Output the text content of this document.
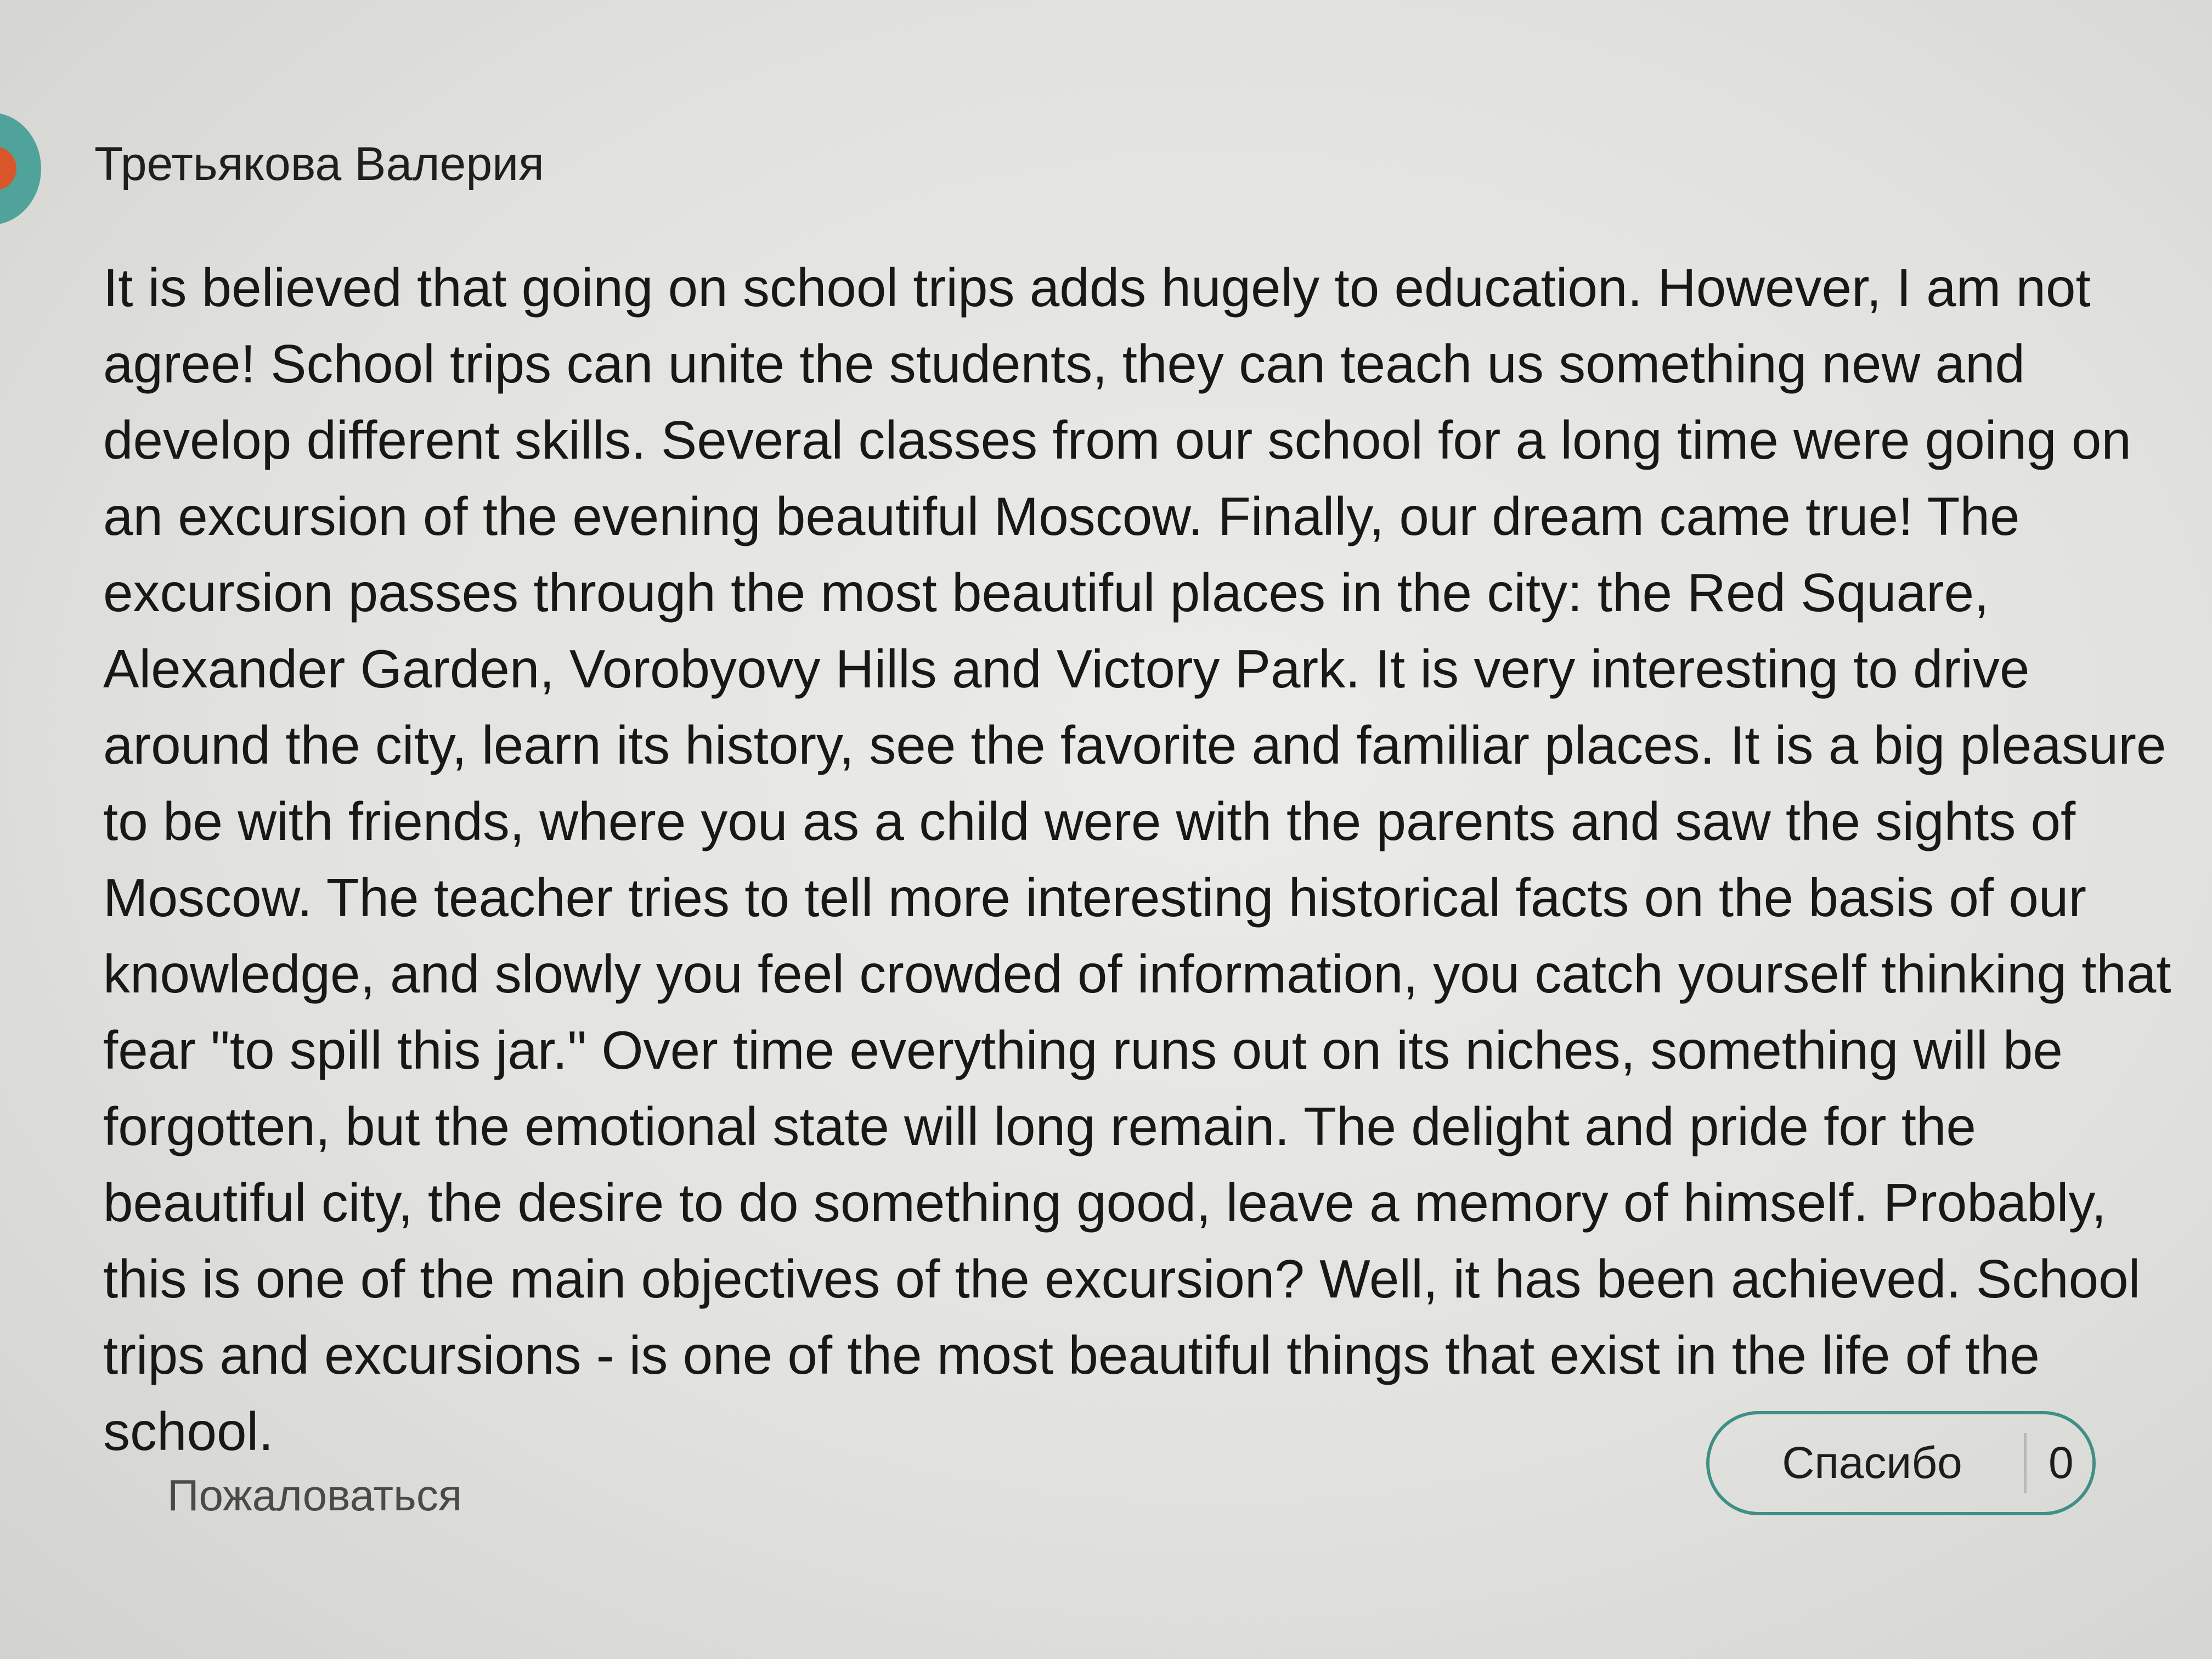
Третьякова Валерия
It is believed that going on school trips adds hugely to education. However, I am not
agree! School trips can unite the students, they can teach us something new and
develop different skills. Several classes from our school for a long time were going on
an excursion of the evening beautiful Moscow. Finally, our dream came true! The
excursion passes through the most beautiful places in the city: the Red Square,
Alexander Garden, Vorobyovy Hills and Victory Park. It is very interesting to drive
around the city, learn its history, see the favorite and familiar places. It is a big pleasure
to be with friends, where you as a child were with the parents and saw the sights of
Moscow. The teacher tries to tell more interesting historical facts on the basis of our
knowledge, and slowly you feel crowded of information, you catch yourself thinking that
fear "to spill this jar." Over time everything runs out on its niches, something will be
forgotten, but the emotional state will long remain. The delight and pride for the
beautiful city, the desire to do something good, leave a memory of himself. Probably,
this is one of the main objectives of the excursion? Well, it has been achieved. School
trips and excursions - is one of the most beautiful things that exist in the life of the
school.
Пожаловаться
Спасибо	0
